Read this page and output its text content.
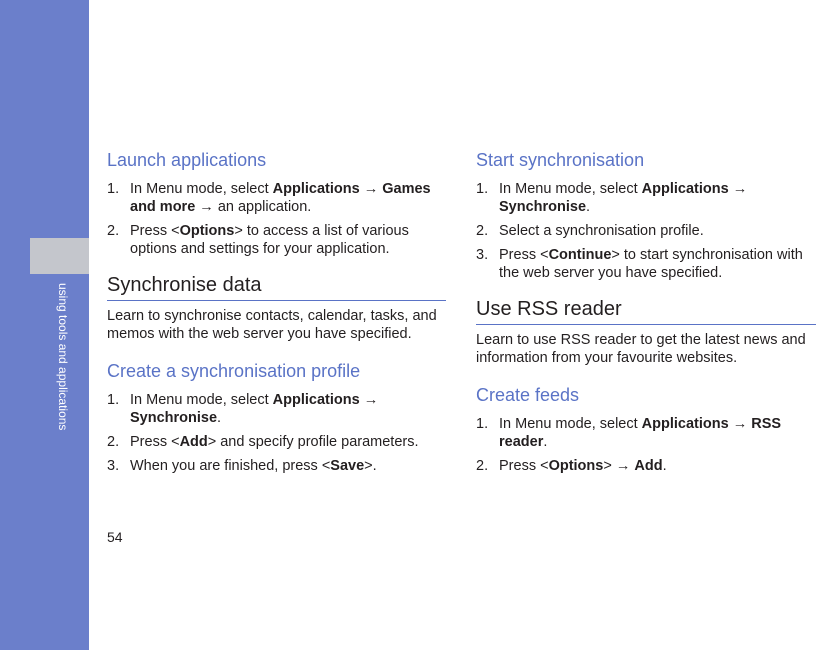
using tools and applications
Launch applications
1. In Menu mode, select Applications → Games and more → an application.
2. Press <Options> to access a list of various options and settings for your application.
Synchronise data

Learn to synchronise contacts, calendar, tasks, and memos with the web server you have specified.

Create a synchronisation profile
1. In Menu mode, select Applications →
Synchronise.
2. Press <Add> and specify profile parameters.
3. When you are finished, press <Save>.
Start synchronisation
1. In Menu mode, select Applications →
Synchronise.
2. Select a synchronisation profile.
3. Press <Continue> to start synchronisation with the web server you have specified.
Use RSS reader

Learn to use RSS reader to get the latest news and information from your favourite websites.

Create feeds
1. In Menu mode, select Applications → RSS reader.
2. Press <Options> → Add.
54
